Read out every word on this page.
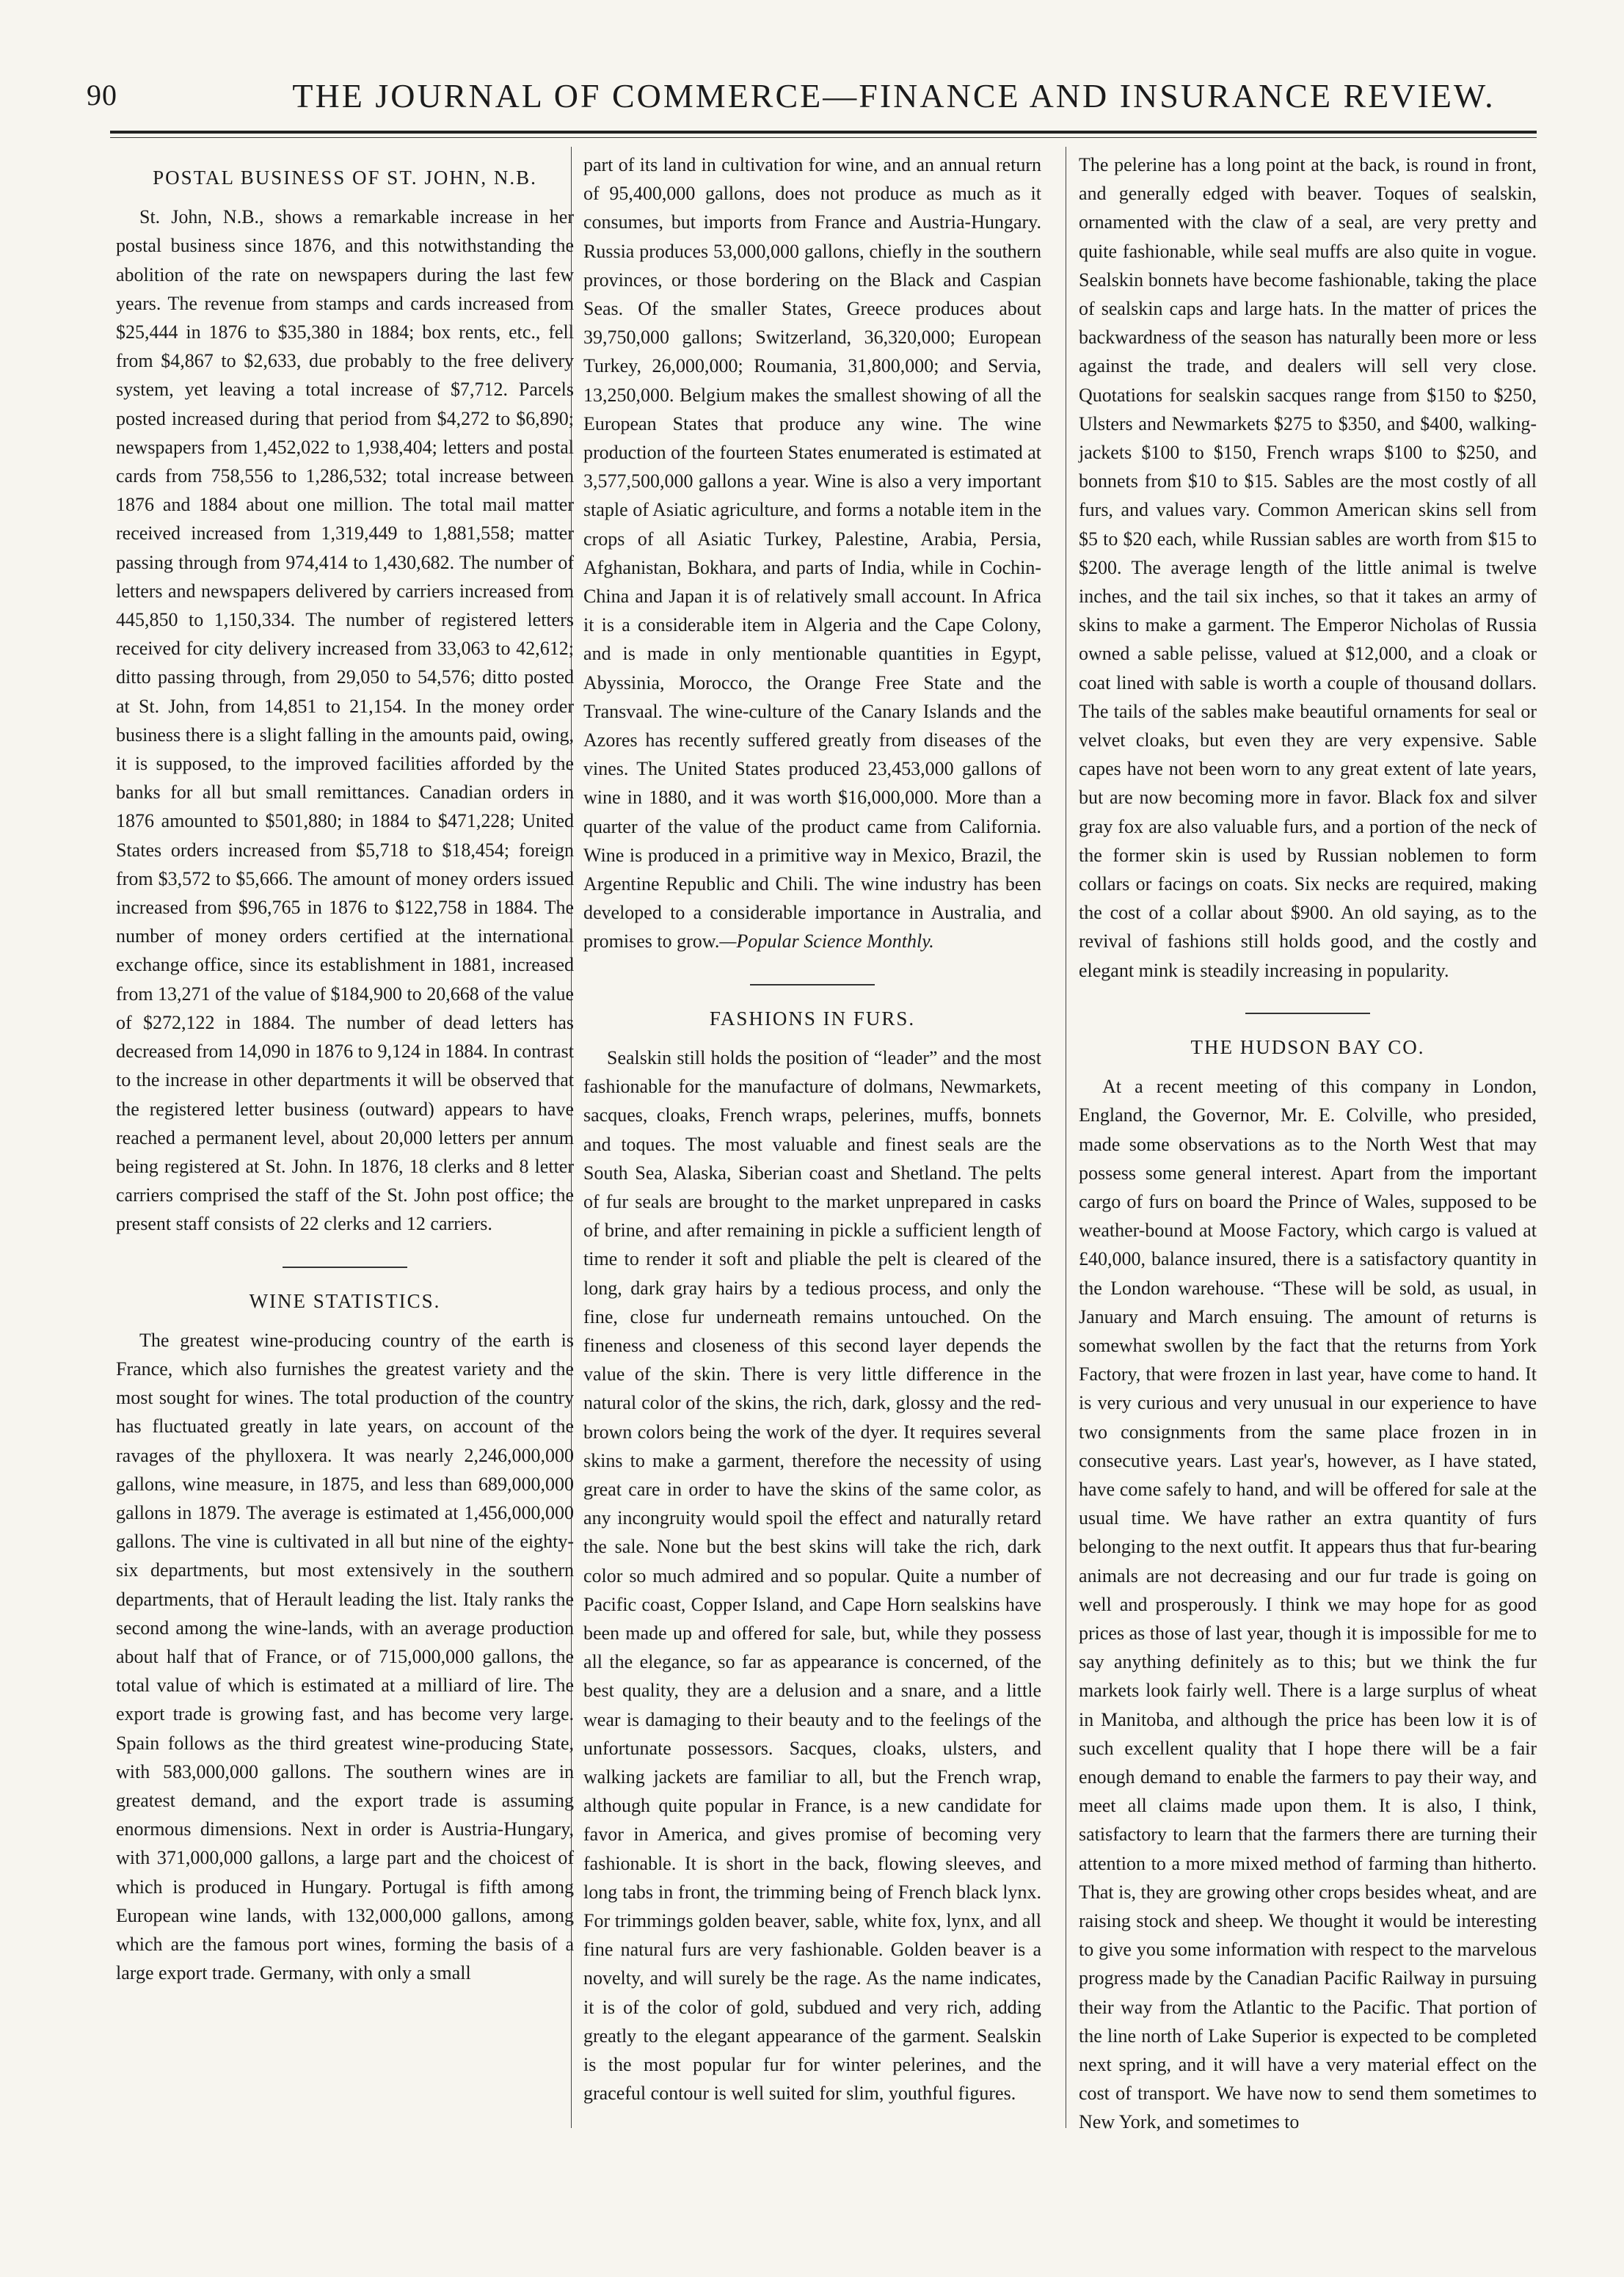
90	THE JOURNAL OF COMMERCE—FINANCE AND INSURANCE REVIEW.
POSTAL BUSINESS OF ST. JOHN, N.B.

St. John, N.B., shows a remarkable increase in her postal business since 1876, and this notwithstanding the abolition of the rate on newspapers during the last few years. The revenue from stamps and cards increased from $25,444 in 1876 to $35,380 in 1884; box rents, etc., fell from $4,867 to $2,633, due probably to the free delivery system, yet leaving a total increase of $7,712. Parcels posted increased during that period from $4,272 to $6,890; newspapers from 1,452,022 to 1,938,404; letters and postal cards from 758,556 to 1,286,532; total increase between 1876 and 1884 about one million. The total mail matter received increased from 1,319,449 to 1,881,558; matter passing through from 974,414 to 1,430,682. The number of letters and newspapers delivered by carriers increased from 445,850 to 1,150,334. The number of registered letters received for city delivery increased from 33,063 to 42,612; ditto passing through, from 29,050 to 54,576; ditto posted at St. John, from 14,851 to 21,154. In the money order business there is a slight falling in the amounts paid, owing, it is supposed, to the improved facilities afforded by the banks for all but small remittances. Canadian orders in 1876 amounted to $501,880; in 1884 to $471,228; United States orders increased from $5,718 to $18,454; foreign from $3,572 to $5,666. The amount of money orders issued increased from $96,765 in 1876 to $122,758 in 1884. The number of money orders certified at the international exchange office, since its establishment in 1881, increased from 13,271 of the value of $184,900 to 20,668 of the value of $272,122 in 1884. The number of dead letters has decreased from 14,090 in 1876 to 9,124 in 1884. In contrast to the increase in other departments it will be observed that the registered letter business (outward) appears to have reached a permanent level, about 20,000 letters per annum being registered at St. John. In 1876, 18 clerks and 8 letter carriers comprised the staff of the St. John post office; the present staff consists of 22 clerks and 12 carriers.

WINE STATISTICS.

The greatest wine-producing country of the earth is France, which also furnishes the greatest variety and the most sought for wines. The total production of the country has fluctuated greatly in late years, on account of the ravages of the phylloxera. It was nearly 2,246,000,000 gallons, wine measure, in 1875, and less than 689,000,000 gallons in 1879. The average is estimated at 1,456,000,000 gallons. The vine is cultivated in all but nine of the eighty-six departments, but most extensively in the southern departments, that of Herault leading the list. Italy ranks the second among the wine-lands, with an average production about half that of France, or of 715,000,000 gallons, the total value of which is estimated at a milliard of lire. The export trade is growing fast, and has become very large. Spain follows as the third greatest wine-producing State, with 583,000,000 gallons. The southern wines are in greatest demand, and the export trade is assuming enormous dimensions. Next in order is Austria-Hungary, with 371,000,000 gallons, a large part and the choicest of which is produced in Hungary. Portugal is fifth among European wine lands, with 132,000,000 gallons, among which are the famous port wines, forming the basis of a large export trade. Germany, with only a small

part of its land in cultivation for wine, and an annual return of 95,400,000 gallons, does not produce as much as it consumes, but imports from France and Austria-Hungary. Russia produces 53,000,000 gallons, chiefly in the southern provinces, or those bordering on the Black and Caspian Seas. Of the smaller States, Greece produces about 39,750,000 gallons; Switzerland, 36,320,000; European Turkey, 26,000,000; Roumania, 31,800,000; and Servia, 13,250,000. Belgium makes the smallest showing of all the European States that produce any wine. The wine production of the fourteen States enumerated is estimated at 3,577,500,000 gallons a year. Wine is also a very important staple of Asiatic agriculture, and forms a notable item in the crops of all Asiatic Turkey, Palestine, Arabia, Persia, Afghanistan, Bokhara, and parts of India, while in Cochin-China and Japan it is of relatively small account. In Africa it is a considerable item in Algeria and the Cape Colony, and is made in only mentionable quantities in Egypt, Abyssinia, Morocco, the Orange Free State and the Transvaal. The wine-culture of the Canary Islands and the Azores has recently suffered greatly from diseases of the vines. The United States produced 23,453,000 gallons of wine in 1880, and it was worth $16,000,000. More than a quarter of the value of the product came from California. Wine is produced in a primitive way in Mexico, Brazil, the Argentine Republic and Chili. The wine industry has been developed to a considerable importance in Australia, and promises to grow.—Popular Science Monthly.

FASHIONS IN FURS.

Sealskin still holds the position of “leader” and the most fashionable for the manufacture of dolmans, Newmarkets, sacques, cloaks, French wraps, pelerines, muffs, bonnets and toques. The most valuable and finest seals are the South Sea, Alaska, Siberian coast and Shetland. The pelts of fur seals are brought to the market unprepared in casks of brine, and after remaining in pickle a sufficient length of time to render it soft and pliable the pelt is cleared of the long, dark gray hairs by a tedious process, and only the fine, close fur underneath remains untouched. On the fineness and closeness of this second layer depends the value of the skin. There is very little difference in the natural color of the skins, the rich, dark, glossy and the red-brown colors being the work of the dyer. It requires several skins to make a garment, therefore the necessity of using great care in order to have the skins of the same color, as any incongruity would spoil the effect and naturally retard the sale. None but the best skins will take the rich, dark color so much admired and so popular. Quite a number of Pacific coast, Copper Island, and Cape Horn sealskins have been made up and offered for sale, but, while they possess all the elegance, so far as appearance is concerned, of the best quality, they are a delusion and a snare, and a little wear is damaging to their beauty and to the feelings of the unfortunate possessors. Sacques, cloaks, ulsters, and walking jackets are familiar to all, but the French wrap, although quite popular in France, is a new candidate for favor in America, and gives promise of becoming very fashionable. It is short in the back, flowing sleeves, and long tabs in front, the trimming being of French black lynx. For trimmings golden beaver, sable, white fox, lynx, and all fine natural furs are very fashionable. Golden beaver is a novelty, and will surely be the rage. As the name indicates, it is of the color of gold, subdued and very rich, adding greatly to the elegant appearance of the garment. Sealskin is the most popular fur for winter pelerines, and the graceful contour is well suited for slim, youthful figures.

The pelerine has a long point at the back, is round in front, and generally edged with beaver. Toques of sealskin, ornamented with the claw of a seal, are very pretty and quite fashionable, while seal muffs are also quite in vogue. Sealskin bonnets have become fashionable, taking the place of sealskin caps and large hats. In the matter of prices the backwardness of the season has naturally been more or less against the trade, and dealers will sell very close. Quotations for sealskin sacques range from $150 to $250, Ulsters and Newmarkets $275 to $350, and $400, walking-jackets $100 to $150, French wraps $100 to $250, and bonnets from $10 to $15. Sables are the most costly of all furs, and values vary. Common American skins sell from $5 to $20 each, while Russian sables are worth from $15 to $200. The average length of the little animal is twelve inches, and the tail six inches, so that it takes an army of skins to make a garment. The Emperor Nicholas of Russia owned a sable pelisse, valued at $12,000, and a cloak or coat lined with sable is worth a couple of thousand dollars. The tails of the sables make beautiful ornaments for seal or velvet cloaks, but even they are very expensive. Sable capes have not been worn to any great extent of late years, but are now becoming more in favor. Black fox and silver gray fox are also valuable furs, and a portion of the neck of the former skin is used by Russian noblemen to form collars or facings on coats. Six necks are required, making the cost of a collar about $900. An old saying, as to the revival of fashions still holds good, and the costly and elegant mink is steadily increasing in popularity.

THE HUDSON BAY CO.

At a recent meeting of this company in London, England, the Governor, Mr. E. Colville, who presided, made some observations as to the North West that may possess some general interest. Apart from the important cargo of furs on board the Prince of Wales, supposed to be weather-bound at Moose Factory, which cargo is valued at £40,000, balance insured, there is a satisfactory quantity in the London warehouse. “These will be sold, as usual, in January and March ensuing. The amount of returns is somewhat swollen by the fact that the returns from York Factory, that were frozen in last year, have come to hand. It is very curious and very unusual in our experience to have two consignments from the same place frozen in in consecutive years. Last year's, however, as I have stated, have come safely to hand, and will be offered for sale at the usual time. We have rather an extra quantity of furs belonging to the next outfit. It appears thus that fur-bearing animals are not decreasing and our fur trade is going on well and prosperously. I think we may hope for as good prices as those of last year, though it is impossible for me to say anything definitely as to this; but we think the fur markets look fairly well. There is a large surplus of wheat in Manitoba, and although the price has been low it is of such excellent quality that I hope there will be a fair enough demand to enable the farmers to pay their way, and meet all claims made upon them. It is also, I think, satisfactory to learn that the farmers there are turning their attention to a more mixed method of farming than hitherto. That is, they are growing other crops besides wheat, and are raising stock and sheep. We thought it would be interesting to give you some information with respect to the marvelous progress made by the Canadian Pacific Railway in pursuing their way from the Atlantic to the Pacific. That portion of the line north of Lake Superior is expected to be completed next spring, and it will have a very material effect on the cost of transport. We have now to send them sometimes to New York, and sometimes to
